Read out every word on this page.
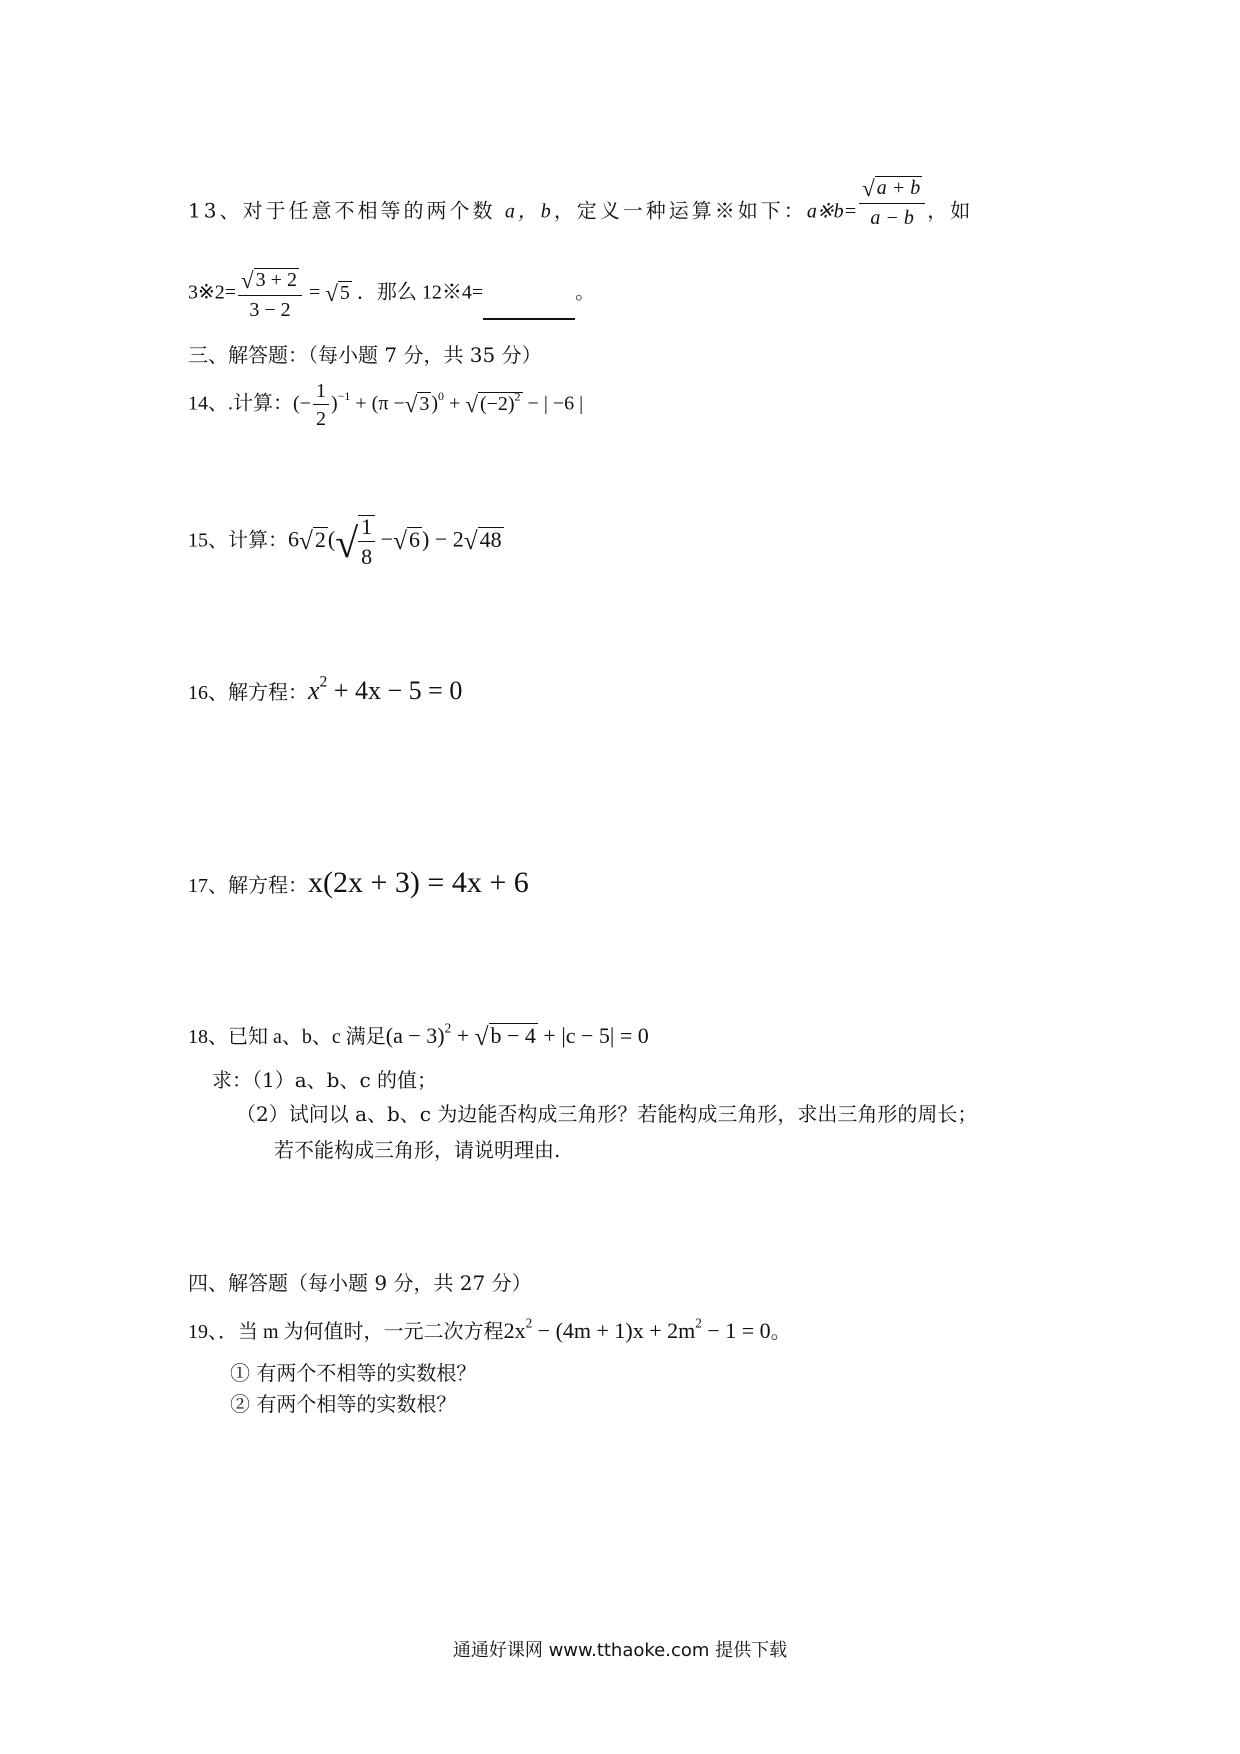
13、对于任意不相等的两个数 a，b，定义一种运算※如下：a※b= $\frac{√ a + b}{a - b}$ ，如
3※2= $\frac{√ 3 + 2}{3 - 2}$ = √ 5 ．那么 12※4=	。
三、解答题：（每小题 7 分，共 35 分）
14、.计算：(− $\frac{1}{2} )^{-1} + (\pi$ −√ 3 )$^0$ + √ $(-2)^2$ − | −6 |
15、计算：$6√2(√ \frac{1}{8} -√6) - 2√48$
16、解方程：$x^2 + 4x - 5 = 0$
17、解方程：x(2x + 3) = 4x + 6
18、已知 a、b、c 满足$(a - 3)^2 + √b - 4 + |c - 5| = 0$
求：（1）a、b、c 的值；
（2）试问以 a、b、c 为边能否构成三角形？若能构成三角形，求出三角形的周长；
若不能构成三角形，请说明理由.
四、解答题（每小题 9 分，共 27 分）
19、．当 m 为何值时，一元二次方程$2x^2 - (4m + 1)x + 2m^2 - 1 = 0$。
① 有两个不相等的实数根？
② 有两个相等的实数根？
通通好课网 www.tthaoke.com 提供下载
